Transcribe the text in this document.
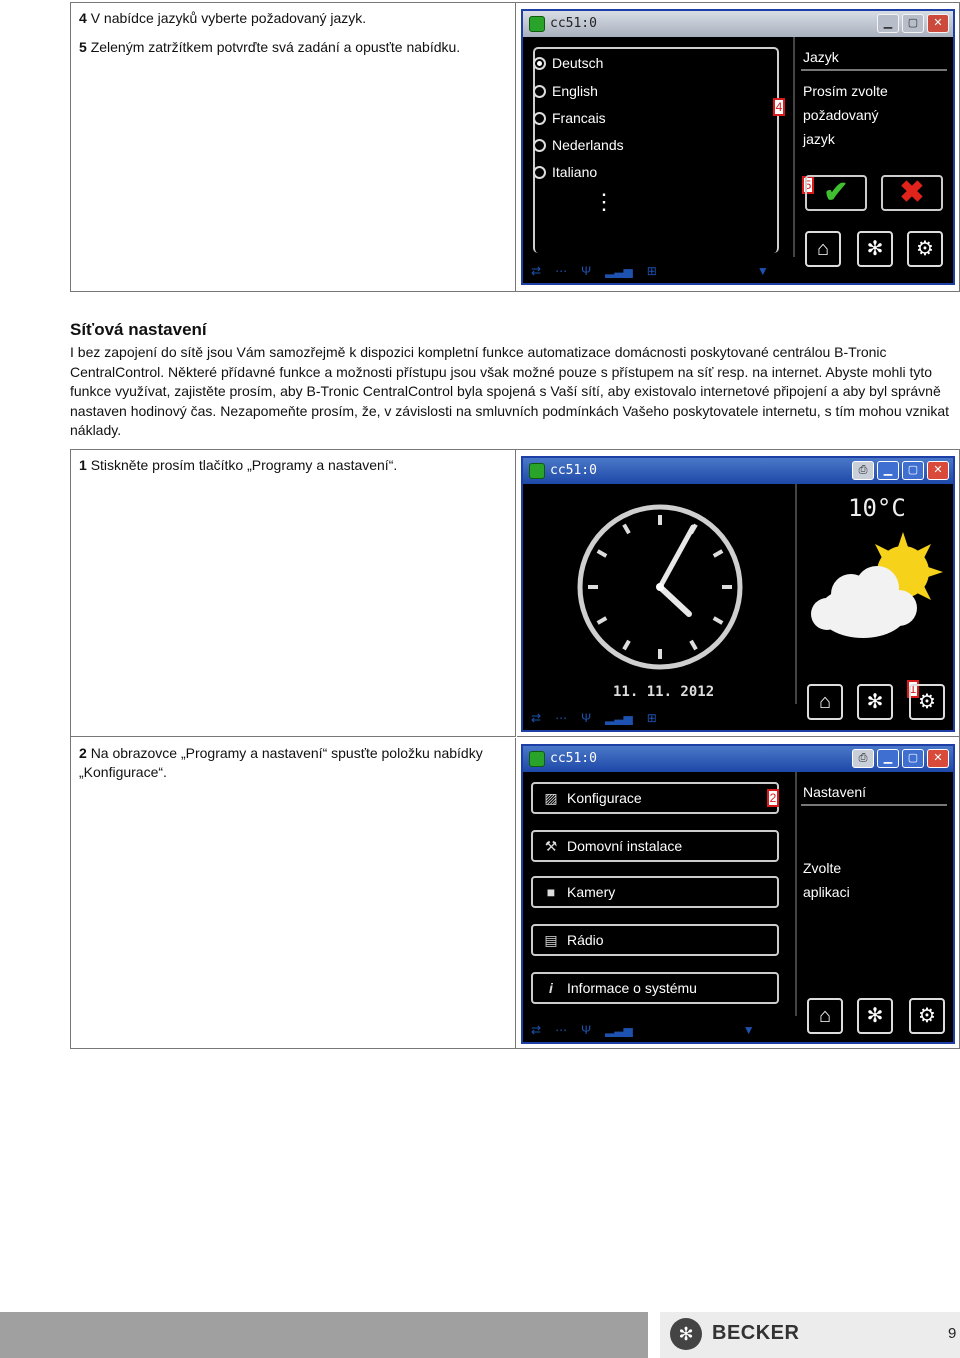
4 V nabídce jazyků vyberte požadovaný jazyk.

5 Zeleným zatržítkem potvrďte svá zadání a opusťte nabídku.

cc51:0	▁	▢	✕
Deutsch
English
Francais
Nederlands
Italiano
⋮
4
Jazyk
Prosím zvolte
požadovaný
jazyk
5 ✔	✖
⌂	✻	⚙
⇄ ⋯ Ψ ▂▃▅ ⊞	▼
Síťová nastavení

I bez zapojení do sítě jsou Vám samozřejmě k dispozici kompletní funkce automatizace domácnosti poskytované centrálou B-Tronic CentralControl. Některé přídavné funkce a možnosti přístupu jsou však možné pouze s přístupem na síť resp. na internet. Abyste mohli tyto funkce využívat, zajistěte prosím, aby B-Tronic CentralControl byla spojená s Vaší sítí, aby existovalo internetové připojení a aby byl správně nastaven hodinový čas. Nezapomeňte prosím, že, v závislosti na smluvních podmínkách Vašeho poskytovatele internetu, s tím mohou vznikat náklady.

1 Stiskněte prosím tlačítko „Programy a nastavení“.	cc51:0	⎙	▁	▢	✕
11. 11. 2012
10°C
1
⌂	✻	⚙
⇄ ⋯ Ψ ▂▃▅ ⊞

2 Na obrazovce „Programy a nastavení“ spusťte položku nabídky „Konfigurace“.

cc51:0	⎙	▁	▢	✕
▨ Konfigurace	2
⚒ Domovní instalace
■ Kamery
▤ Rádio
i	Informace o systému
Nastavení
Zvolte
aplikaci
⌂	✻	⚙
⇄ ⋯ Ψ ▂▃▅	▼
✻ BECKER	9
